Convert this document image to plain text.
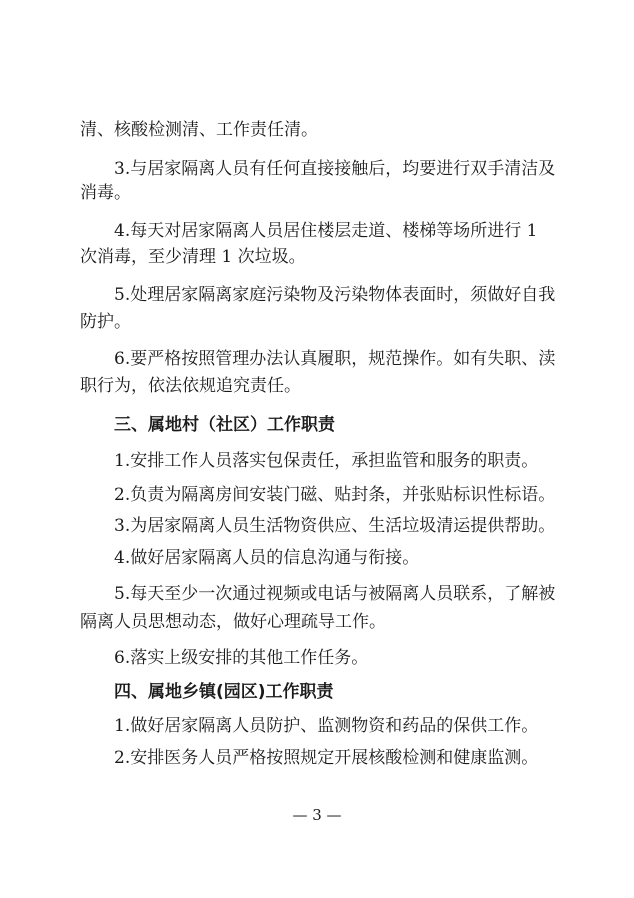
清、核酸检测清、工作责任清。
3.与居家隔离人员有任何直接接触后，均要进行双手清洁及
消毒。
4.每天对居家隔离人员居住楼层走道、楼梯等场所进行 1
次消毒，至少清理 1 次垃圾。
5.处理居家隔离家庭污染物及污染物体表面时，须做好自我
防护。
6.要严格按照管理办法认真履职，规范操作。如有失职、渎
职行为，依法依规追究责任。
三、属地村（社区）工作职责
1.安排工作人员落实包保责任，承担监管和服务的职责。
2.负责为隔离房间安装门磁、贴封条，并张贴标识性标语。
3.为居家隔离人员生活物资供应、生活垃圾清运提供帮助。
4.做好居家隔离人员的信息沟通与衔接。
5.每天至少一次通过视频或电话与被隔离人员联系，了解被
隔离人员思想动态，做好心理疏导工作。
6.落实上级安排的其他工作任务。
四、属地乡镇(园区)工作职责
1.做好居家隔离人员防护、监测物资和药品的保供工作。
2.安排医务人员严格按照规定开展核酸检测和健康监测。
— 3 —
